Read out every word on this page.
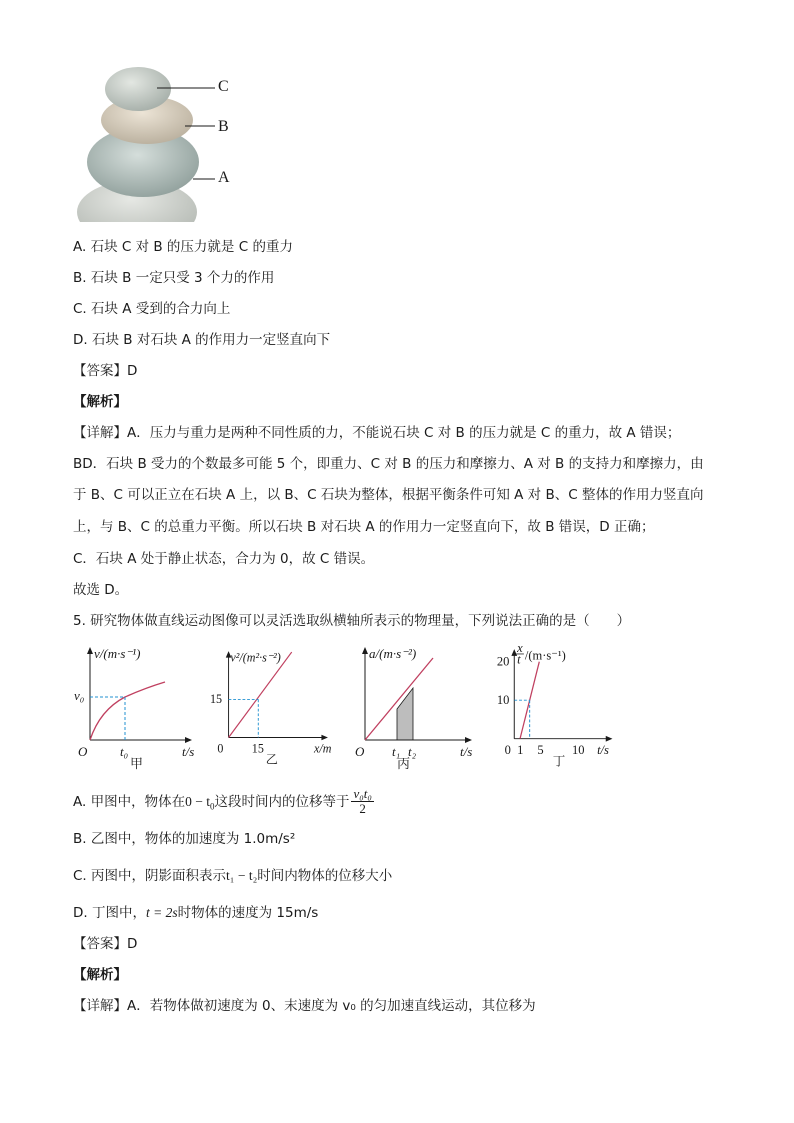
C
B
A
A. 石块 C 对 B 的压力就是 C 的重力
B. 石块 B 一定只受 3 个力的作用
C. 石块 A 受到的合力向上
D. 石块 B 对石块 A 的作用力一定竖直向下
【答案】D
【解析】
【详解】A．压力与重力是两种不同性质的力，不能说石块 C 对 B 的压力就是 C 的重力，故 A 错误；
BD．石块 B 受力的个数最多可能 5 个，即重力、C 对 B 的压力和摩擦力、A 对 B 的支持力和摩擦力，由
于 B、C 可以正立在石块 A 上，以 B、C 石块为整体，根据平衡条件可知 A 对 B、C 整体的作用力竖直向
上，与 B、C 的总重力平衡。所以石块 B 对石块 A 的作用力一定竖直向下，故 B 错误，D 正确；
C．石块 A 处于静止状态，合力为 0，故 C 错误。
故选 D。
5. 研究物体做直线运动图像可以灵活选取纵横轴所表示的物理量，下列说法正确的是（　　）
v/(m·s⁻¹)
v₀
O	t₀	t/s
甲
v²/(m²·s⁻²)
15
0 15	x/m
乙
a/(m·s⁻²)
O t₁ t₂	t/s
丙
x
t /(m·s⁻¹)
20
10
0 1 5 10 t/s
丁
A. 甲图中，物体在$0 - t_0$这段时间内的位移等于 $\frac{\text{v₀t₀}}{2}$
B. 乙图中，物体的加速度为 1.0m/s²
C. 丙图中，阴影面积表示t₁ − t₂时间内物体的位移大小
D. 丁图中，t = 2s时物体的速度为 15m/s
【答案】D
【解析】
【详解】A．若物体做初速度为 0、末速度为 v₀ 的匀加速直线运动，其位移为
